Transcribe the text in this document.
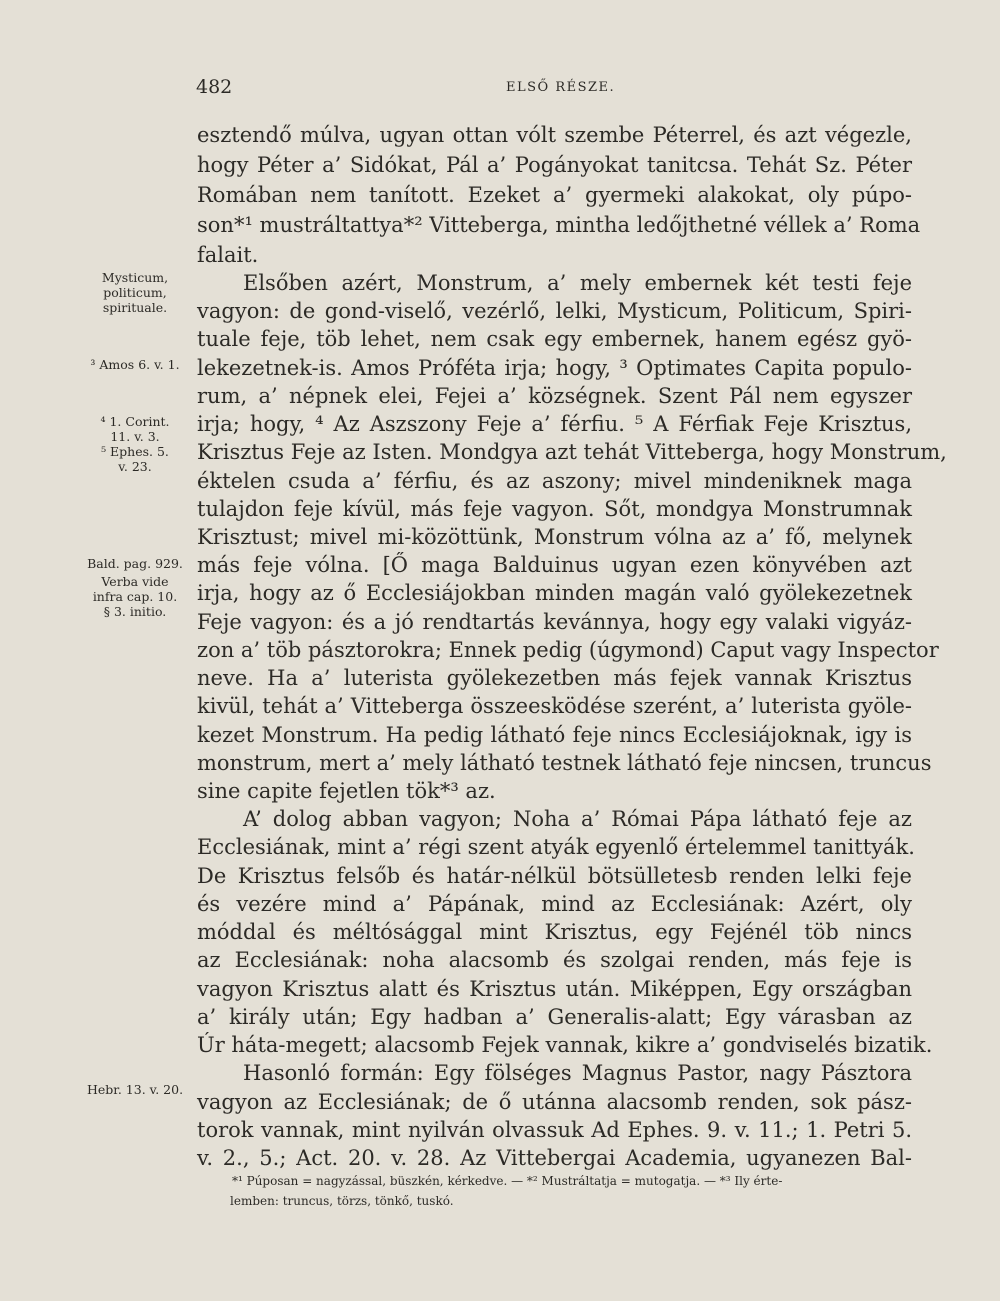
482	ELSŐ RÉSZE.
esztendő múlva, ugyan ottan vólt szembe Péterrel, és azt végezle,
hogy Péter a’ Sidókat, Pál a’ Pogányokat tanitcsa. Tehát Sz. Péter
Romában nem tanított. Ezeket a’ gyermeki alakokat, oly púpo-
son*¹ mustráltattya*² Vitteberga, mintha ledőjthetné véllek a’ Roma
falait.
Elsőben azért, Monstrum, a’ mely embernek két testi feje
vagyon: de gond-viselő, vezérlő, lelki, Mysticum, Politicum, Spiri-
tuale feje, töb lehet, nem csak egy embernek, hanem egész gyö-
lekezetnek-is. Amos Próféta irja; hogy, ³ Optimates Capita populo-
rum, a’ népnek elei, Fejei a’ községnek. Szent Pál nem egyszer
irja; hogy, ⁴ Az Aszszony Feje a’ férfiu. ⁵ A Férfiak Feje Krisztus,
Krisztus Feje az Isten. Mondgya azt tehát Vitteberga, hogy Monstrum,
éktelen csuda a’ férfiu, és az aszony; mivel mindeniknek maga
tulajdon feje kívül, más feje vagyon. Sőt, mondgya Monstrumnak
Krisztust; mivel mi-közöttünk, Monstrum vólna az a’ fő, melynek
más feje vólna. [Ő maga Balduinus ugyan ezen könyvében azt
irja, hogy az ő Ecclesiájokban minden magán való gyölekezetnek
Feje vagyon: és a jó rendtartás kevánnya, hogy egy valaki vigyáz-
zon a’ töb pásztorokra; Ennek pedig (úgymond) Caput vagy Inspector
neve. Ha a’ luterista gyölekezetben más fejek vannak Krisztus
kivül, tehát a’ Vitteberga összeesködése szerént, a’ luterista gyöle-
kezet Monstrum. Ha pedig látható feje nincs Ecclesiájoknak, igy is
monstrum, mert a’ mely látható testnek látható feje nincsen, truncus
sine capite fejetlen tök*³ az.
A’ dolog abban vagyon; Noha a’ Római Pápa látható feje az
Ecclesiának, mint a’ régi szent atyák egyenlő értelemmel tanittyák.
De Krisztus felsőb és határ-nélkül bötsülletesb renden lelki feje
és vezére mind a’ Pápának, mind az Ecclesiának: Azért, oly
móddal és méltósággal mint Krisztus, egy Fejénél töb nincs
az Ecclesiának: noha alacsomb és szolgai renden, más feje is
vagyon Krisztus alatt és Krisztus után. Miképpen, Egy országban
a’ király után; Egy hadban a’ Generalis-alatt; Egy várasban az
Úr háta-megett; alacsomb Fejek vannak, kikre a’ gondviselés bizatik.
Hasonló formán: Egy fölséges Magnus Pastor, nagy Pásztora
vagyon az Ecclesiának; de ő utánna alacsomb renden, sok pász-
torok vannak, mint nyilván olvassuk Ad Ephes. 9. v. 11.; 1. Petri 5.
v. 2., 5.; Act. 20. v. 28. Az Vittebergai Academia, ugyanezen Bal-
Mysticum,
politicum,
spirituale.
³ Amos 6. v. 1.
⁴ 1. Corint.
11. v. 3.
⁵ Ephes. 5.
v. 23.
Bald. pag. 929.
Verba vide
infra cap. 10.
§ 3. initio.
Hebr. 13. v. 20.
*¹ Púposan = nagyzással, büszkén, kérkedve. — *² Mustráltatja = mutogatja. — *³ Ily érte-
lemben: truncus, törzs, tönkő, tuskó.
